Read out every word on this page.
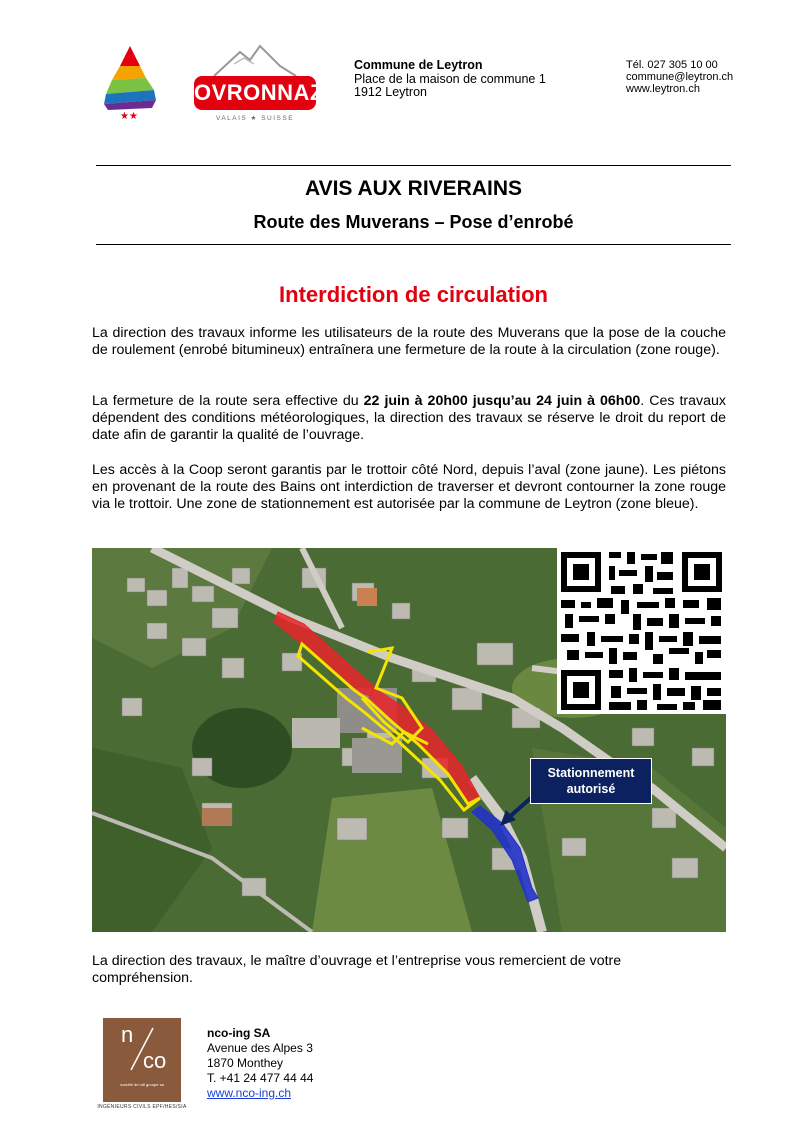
★★
OVRONNAZ
VALAIS ★ SUISSE
Commune de Leytron
Place de la maison de commune 1
1912 Leytron
Tél. 027 305 10 00
commune@leytron.ch
www.leytron.ch
AVIS AUX RIVERAINS
Route des Muverans – Pose d’enrobé
Interdiction de circulation
La direction des travaux informe les utilisateurs de la route des Muverans que la pose de la couche de roulement (enrobé bitumineux) entraînera une fermeture de la route à la circulation (zone rouge).
La fermeture de la route sera effective du 22 juin à 20h00 jusqu’au 24 juin à 06h00. Ces travaux dépendent des conditions météorologiques, la direction des travaux se réserve le droit du report de date afin de garantir la qualité de l’ouvrage.
Les accès à la Coop seront garantis par le trottoir côté Nord, depuis l’aval (zone jaune). Les piétons en provenant de la route des Bains ont interdiction de traverser et devront contourner la zone rouge via le trottoir. Une zone de stationnement est autorisée par la commune de Leytron (zone bleue).
Stationnement
autorisé
La direction des travaux, le maître d’ouvrage et l’entreprise vous remercient de votre compréhension.
n
co
société de ndi groupe sa
INGÉNIEURS CIVILS EPF/HES/SIA
nco-ing SA
Avenue des Alpes 3
1870 Monthey
T. +41 24 477 44 44
www.nco-ing.ch
